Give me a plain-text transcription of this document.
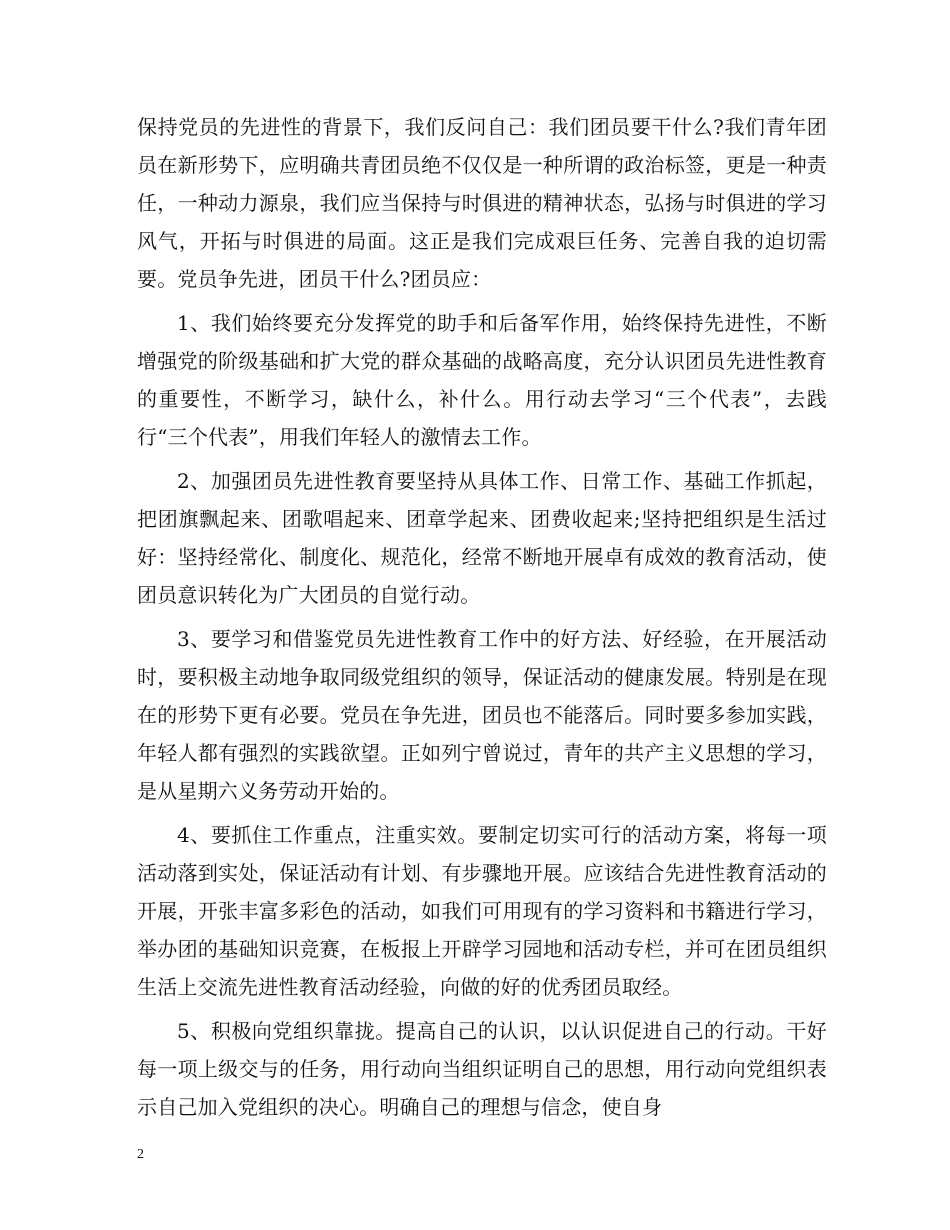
保持党员的先进性的背景下，我们反问自己：我们团员要干什么?我们青年团员在新形势下，应明确共青团员绝不仅仅是一种所谓的政治标签，更是一种责任，一种动力源泉，我们应当保持与时俱进的精神状态，弘扬与时俱进的学习风气，开拓与时俱进的局面。这正是我们完成艰巨任务、完善自我的迫切需要。党员争先进，团员干什么?团员应：

1、我们始终要充分发挥党的助手和后备军作用，始终保持先进性，不断增强党的阶级基础和扩大党的群众基础的战略高度，充分认识团员先进性教育的重要性，不断学习，缺什么，补什么。用行动去学习“三个代表”，去践行“三个代表”，用我们年轻人的激情去工作。

2、加强团员先进性教育要坚持从具体工作、日常工作、基础工作抓起，把团旗飘起来、团歌唱起来、团章学起来、团费收起来;坚持把组织是生活过好：坚持经常化、制度化、规范化，经常不断地开展卓有成效的教育活动，使团员意识转化为广大团员的自觉行动。

3、要学习和借鉴党员先进性教育工作中的好方法、好经验，在开展活动时，要积极主动地争取同级党组织的领导，保证活动的健康发展。特别是在现在的形势下更有必要。党员在争先进，团员也不能落后。同时要多参加实践，年轻人都有强烈的实践欲望。正如列宁曾说过，青年的共产主义思想的学习，是从星期六义务劳动开始的。

4、要抓住工作重点，注重实效。要制定切实可行的活动方案，将每一项活动落到实处，保证活动有计划、有步骤地开展。应该结合先进性教育活动的开展，开张丰富多彩色的活动，如我们可用现有的学习资料和书籍进行学习，举办团的基础知识竞赛，在板报上开辟学习园地和活动专栏，并可在团员组织生活上交流先进性教育活动经验，向做的好的优秀团员取经。

5、积极向党组织靠拢。提高自己的认识，以认识促进自己的行动。干好每一项上级交与的任务，用行动向当组织证明自己的思想，用行动向党组织表示自己加入党组织的决心。明确自己的理想与信念，使自身

2
